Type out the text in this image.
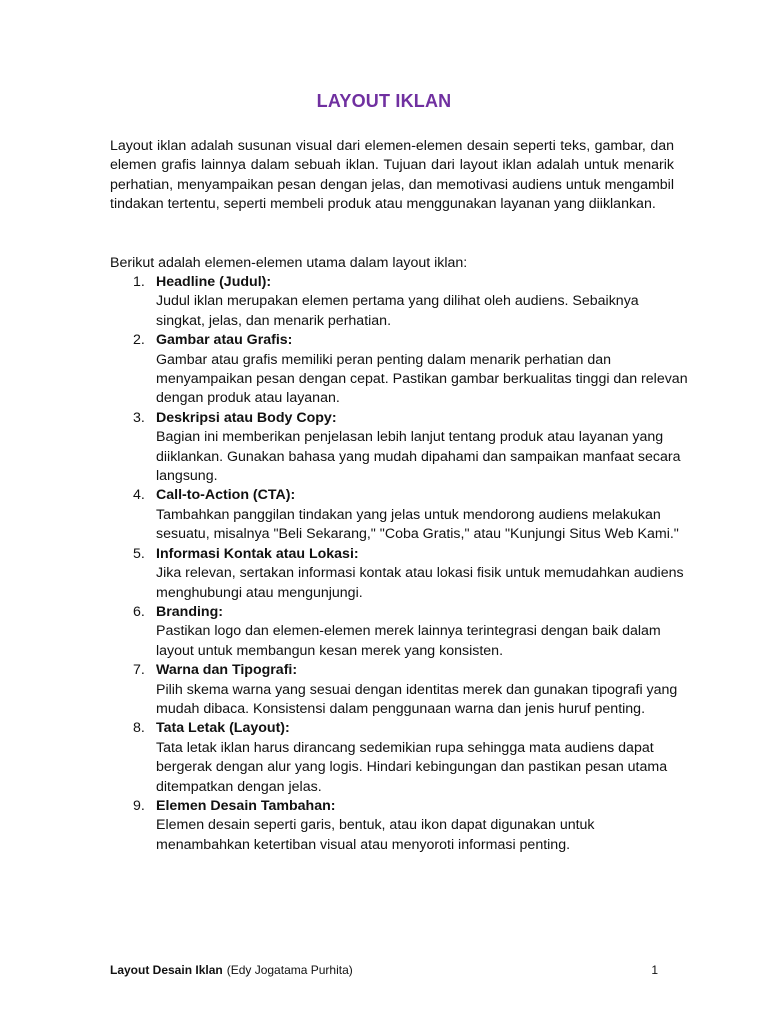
LAYOUT IKLAN

Layout iklan adalah susunan visual dari elemen-elemen desain seperti teks, gambar, dan elemen grafis lainnya dalam sebuah iklan. Tujuan dari layout iklan adalah untuk menarik perhatian, menyampaikan pesan dengan jelas, dan memotivasi audiens untuk mengambil tindakan tertentu, seperti membeli produk atau menggunakan layanan yang diiklankan.

Berikut adalah elemen-elemen utama dalam layout iklan:

1. Headline (Judul):
Judul iklan merupakan elemen pertama yang dilihat oleh audiens. Sebaiknya singkat, jelas, dan menarik perhatian.
2. Gambar atau Grafis:
Gambar atau grafis memiliki peran penting dalam menarik perhatian dan menyampaikan pesan dengan cepat. Pastikan gambar berkualitas tinggi dan relevan dengan produk atau layanan.
3. Deskripsi atau Body Copy:
Bagian ini memberikan penjelasan lebih lanjut tentang produk atau layanan yang diiklankan. Gunakan bahasa yang mudah dipahami dan sampaikan manfaat secara langsung.
4. Call-to-Action (CTA):
Tambahkan panggilan tindakan yang jelas untuk mendorong audiens melakukan sesuatu, misalnya "Beli Sekarang," "Coba Gratis," atau "Kunjungi Situs Web Kami."
5. Informasi Kontak atau Lokasi:
Jika relevan, sertakan informasi kontak atau lokasi fisik untuk memudahkan audiens menghubungi atau mengunjungi.
6. Branding:
Pastikan logo dan elemen-elemen merek lainnya terintegrasi dengan baik dalam layout untuk membangun kesan merek yang konsisten.
7. Warna dan Tipografi:
Pilih skema warna yang sesuai dengan identitas merek dan gunakan tipografi yang mudah dibaca. Konsistensi dalam penggunaan warna dan jenis huruf penting.
8. Tata Letak (Layout):
Tata letak iklan harus dirancang sedemikian rupa sehingga mata audiens dapat bergerak dengan alur yang logis. Hindari kebingungan dan pastikan pesan utama ditempatkan dengan jelas.
9. Elemen Desain Tambahan:
Elemen desain seperti garis, bentuk, atau ikon dapat digunakan untuk menambahkan ketertiban visual atau menyoroti informasi penting.
Layout Desain Iklan (Edy Jogatama Purhita)	1
